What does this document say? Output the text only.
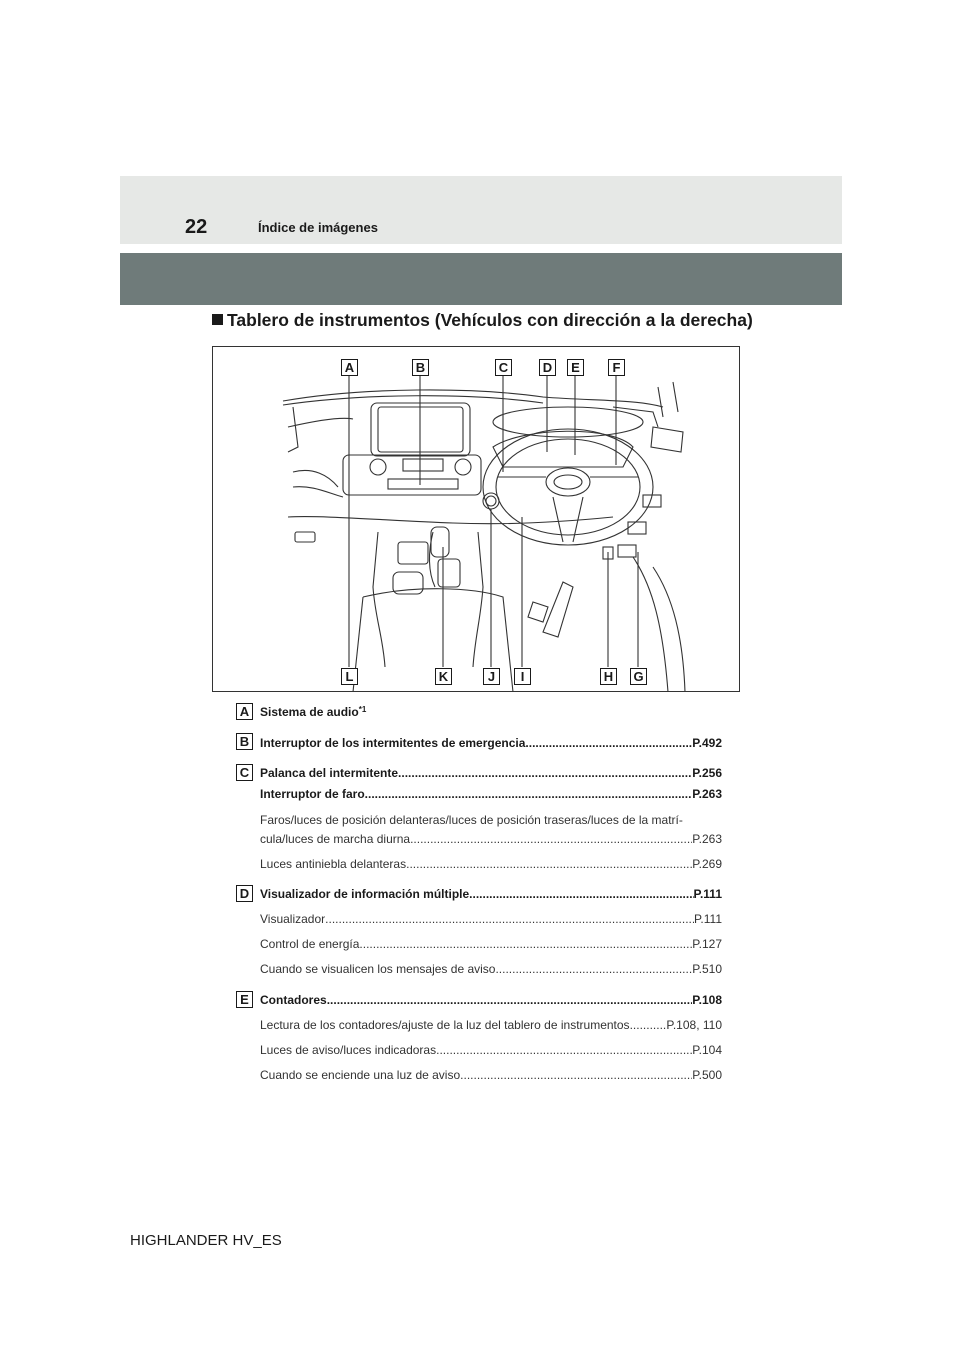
22	Índice de imágenes
Tablero de instrumentos (Vehículos con dirección a la derecha)
A	B	C	D	E	F
L	K	J	I	H G
A Sistema de audio *1
B Interruptor de los intermitentes de emergencia .....	P.492
C Palanca del intermitente .....	P.256
Interruptor de faro .....	P.263
Faros/luces de posición delanteras/luces de posición traseras/luces de la matrí-
cula/luces de marcha diurna .....	P.263
Luces antiniebla delanteras .....	P.269
D Visualizador de información múltiple .....	P.111
Visualizador .....	P.111
Control de energía .....	P.127
Cuando se visualicen los mensajes de aviso .....	P.510
E Contadores .....	P.108
Lectura de los contadores/ajuste de la luz del tablero de instrumentos .....	P.108, 110
Luces de aviso/luces indicadoras .....	P.104
Cuando se enciende una luz de aviso .....	P.500
HIGHLANDER HV_ES
